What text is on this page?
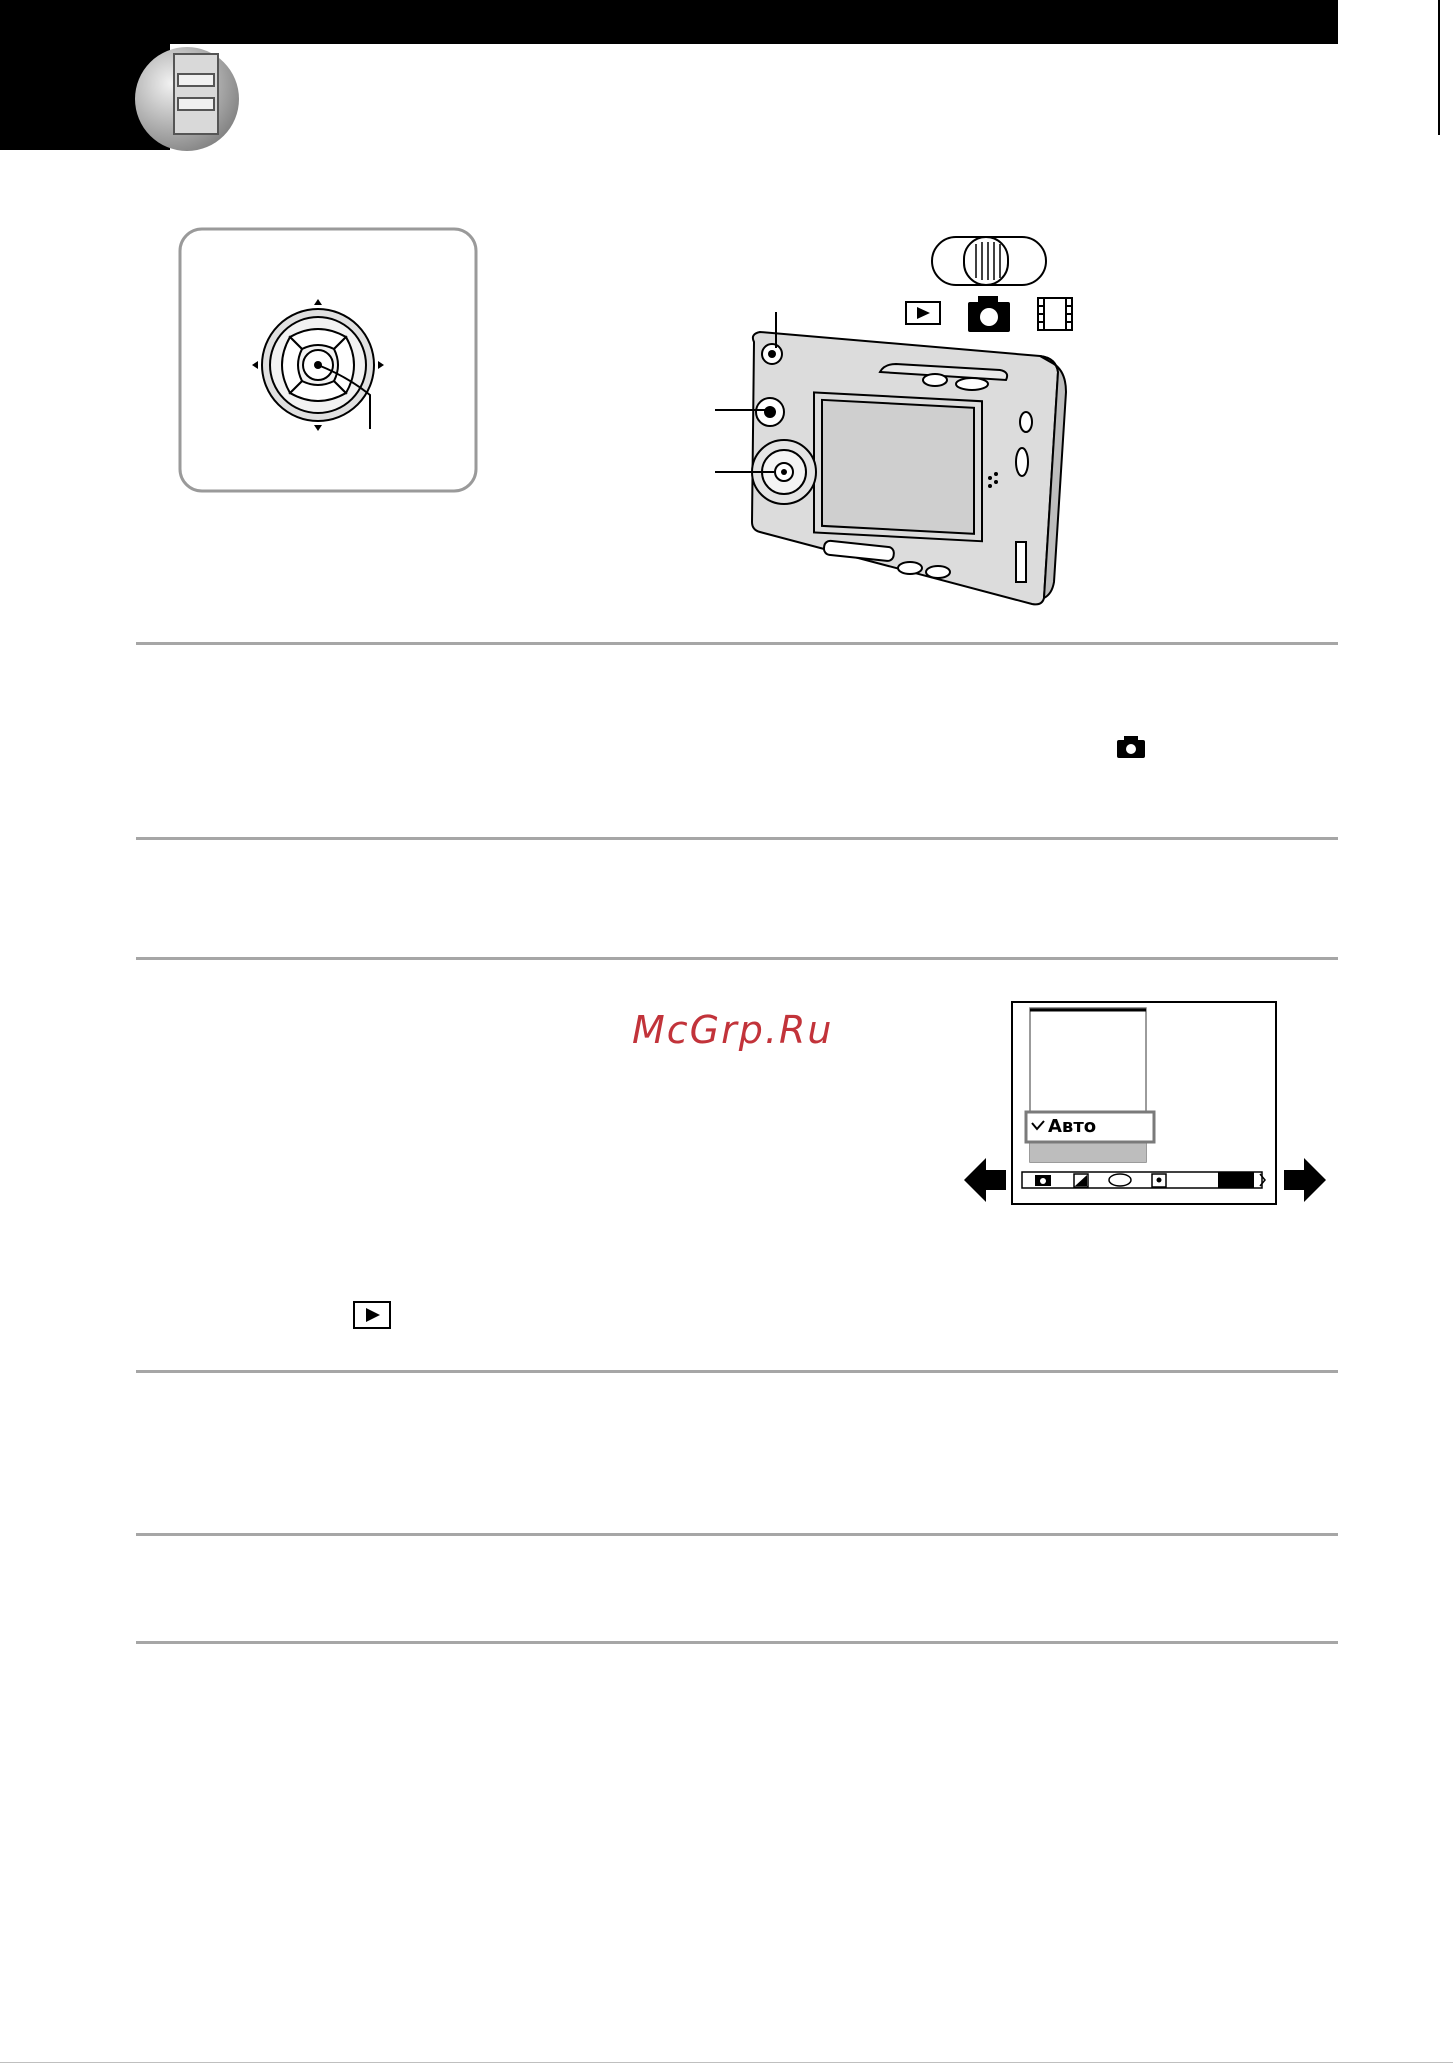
McGrp.Ru
Авто
